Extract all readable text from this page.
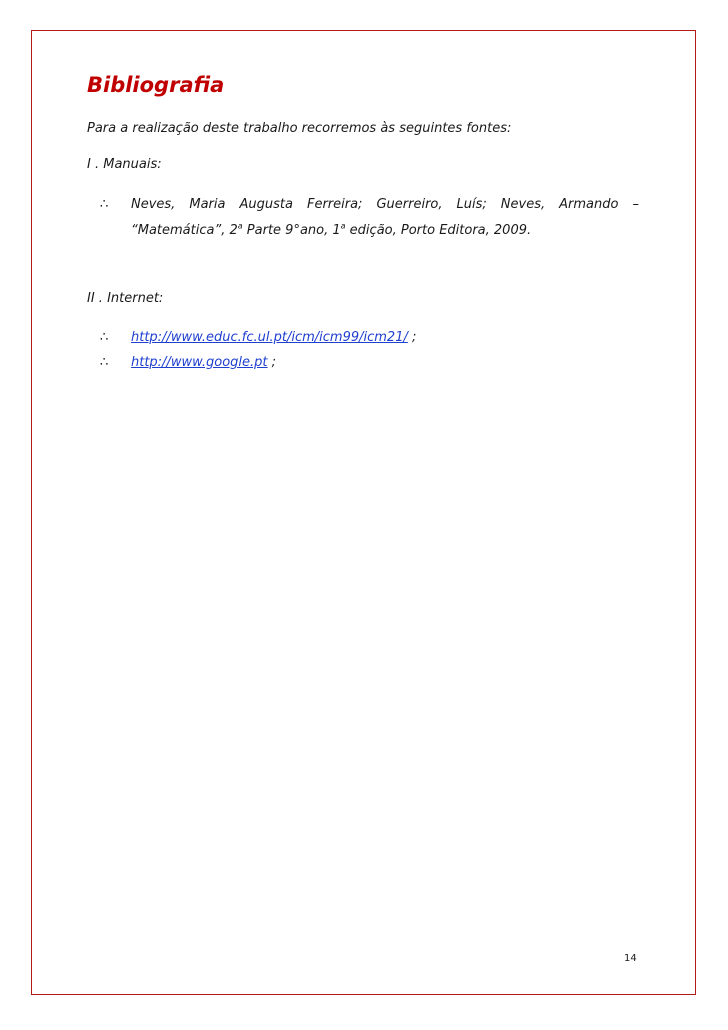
Bibliografia
Para a realização deste trabalho recorremos às seguintes fontes:
I . Manuais:
∴ Neves, Maria Augusta Ferreira; Guerreiro, Luís; Neves, Armando –
“Matemática”, 2$^a$ Parte 9°ano, 1$^a$ edição, Porto Editora, 2009.
II . Internet:
∴ http://www.educ.fc.ul.pt/icm/icm99/icm21/ ;
∴ http://www.google.pt ;
14
